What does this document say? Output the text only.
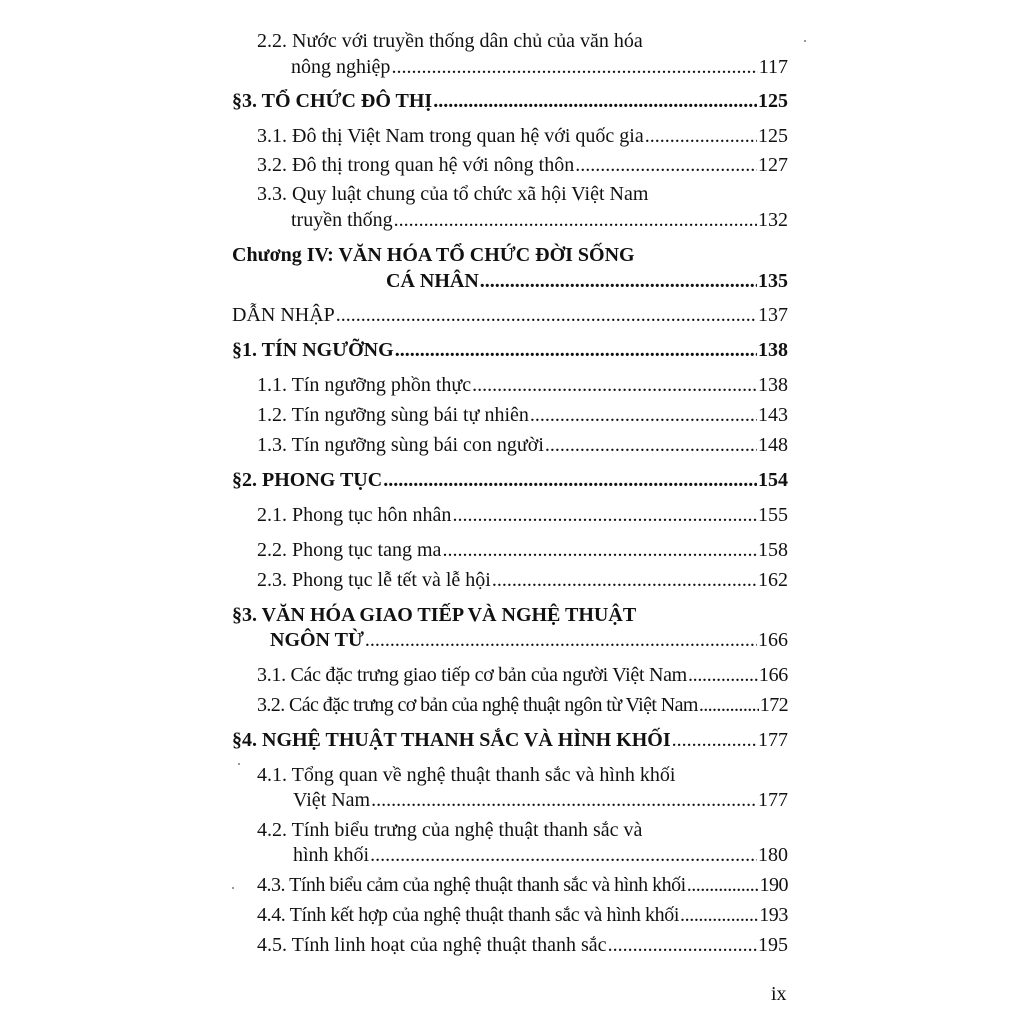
2.2. Nước với truyền thống dân chủ của văn hóa
nông nghiệp .....	117
§3. TỔ CHỨC ĐÔ THỊ .....	125
3.1. Đô thị Việt Nam trong quan hệ với quốc gia .....	125
3.2. Đô thị trong quan hệ với nông thôn .....	127
3.3. Quy luật chung của tổ chức xã hội Việt Nam
truyền thống .....	132
Chương IV: VĂN HÓA TỔ CHỨC ĐỜI SỐNG
CÁ NHÂN .....	135
DẪN NHẬP .....	137
§1. TÍN NGƯỠNG .....	138
1.1. Tín ngưỡng phồn thực .....	138
1.2. Tín ngưỡng sùng bái tự nhiên .....	143
1.3. Tín ngưỡng sùng bái con người .....	148
§2. PHONG TỤC .....	154
2.1. Phong tục hôn nhân .....	155
2.2. Phong tục tang ma .....	158
2.3. Phong tục lễ tết và lễ hội .....	162
§3. VĂN HÓA GIAO TIẾP VÀ NGHỆ THUẬT
NGÔN TỪ .....	166
3.1. Các đặc trưng giao tiếp cơ bản của người Việt Nam .....	166
3.2. Các đặc trưng cơ bản của nghệ thuật ngôn từ Việt Nam .....	172
§4. NGHỆ THUẬT THANH SẮC VÀ HÌNH KHỐI .....	177
4.1. Tổng quan về nghệ thuật thanh sắc và hình khối
Việt Nam .....	177
4.2. Tính biểu trưng của nghệ thuật thanh sắc và
hình khối .....	180
4.3. Tính biểu cảm của nghệ thuật thanh sắc và hình khối .....	190
4.4. Tính kết hợp của nghệ thuật thanh sắc và hình khối .....	193
4.5. Tính linh hoạt của nghệ thuật thanh sắc .....	195
ix
